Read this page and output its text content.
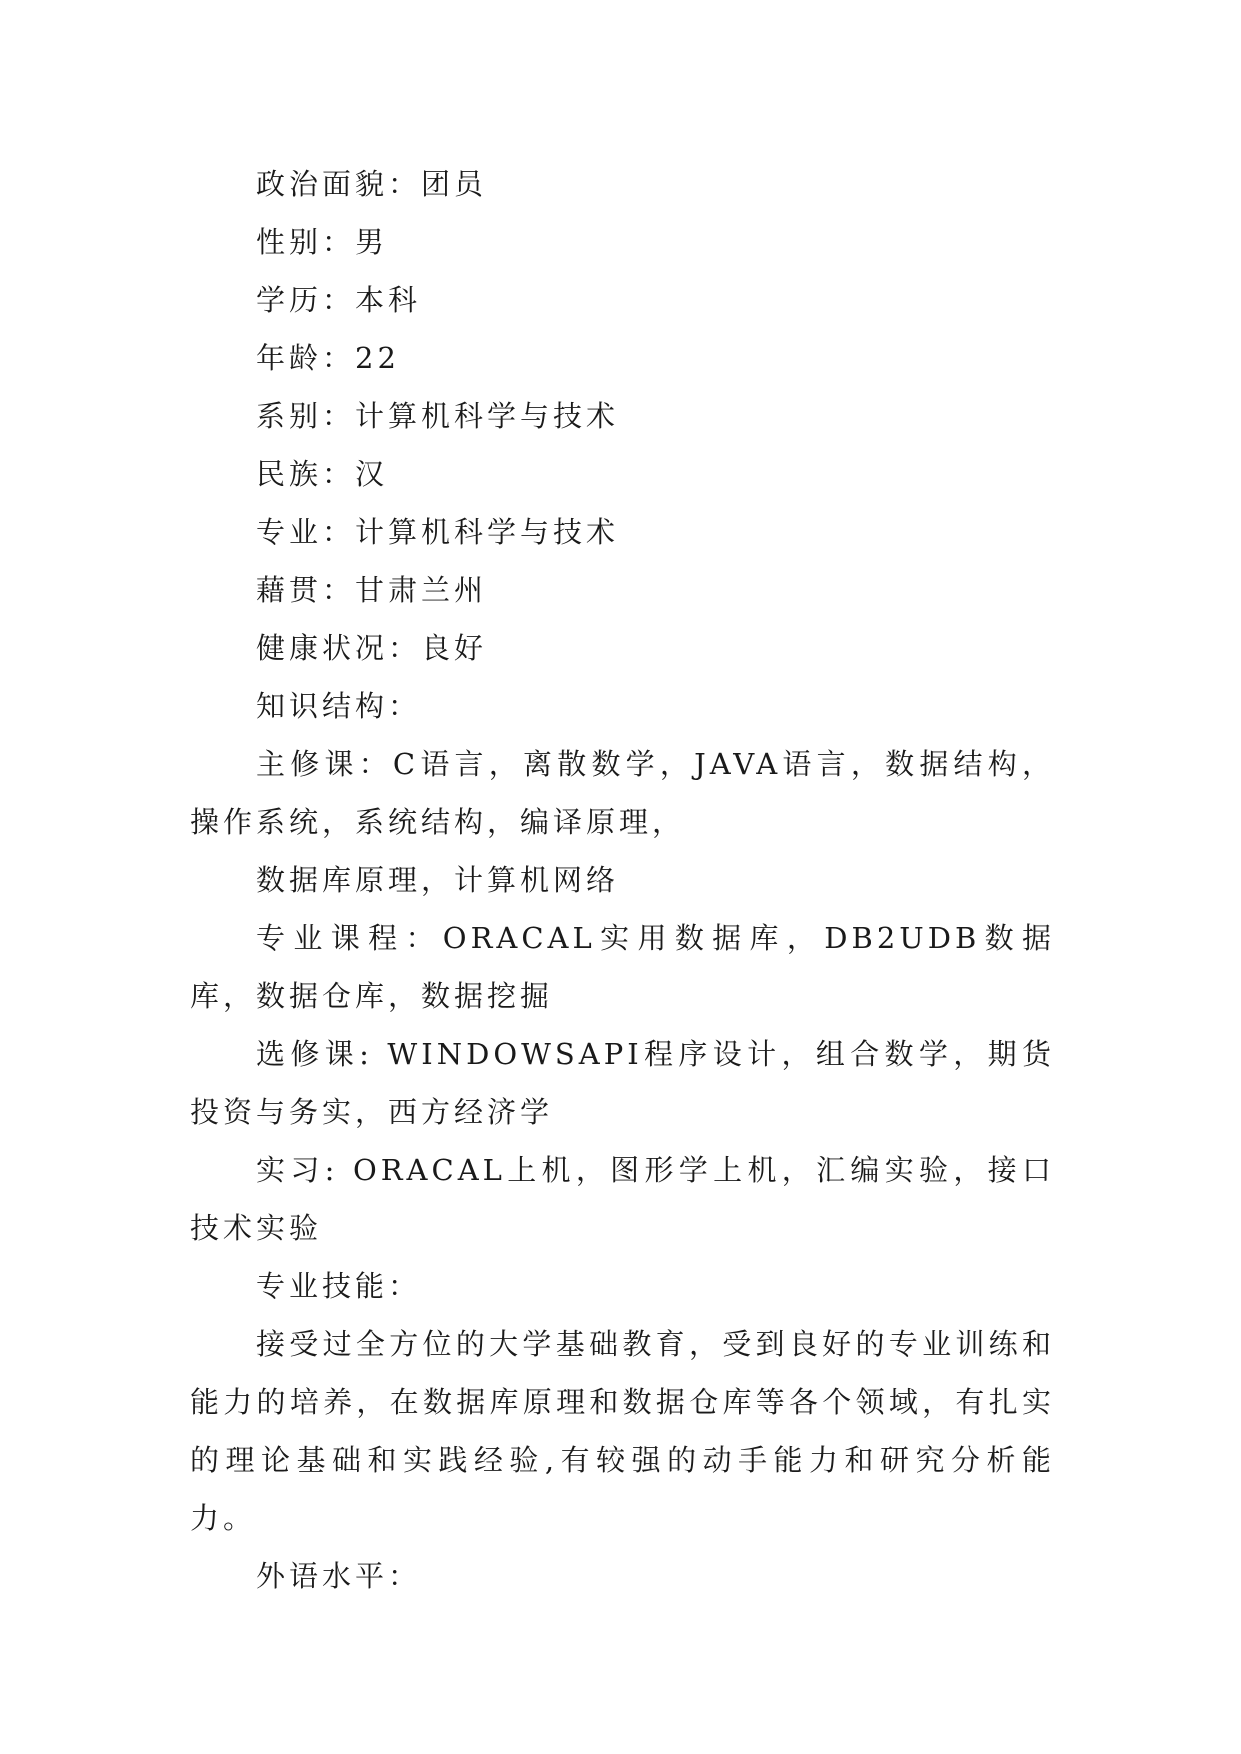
政治面貌：团员

性别：男

学历：本科

年龄：22

系别：计算机科学与技术

民族：汉

专业：计算机科学与技术

藉贯：甘肃兰州

健康状况：良好

知识结构：

主修课：C语言，离散数学，JAVA语言，数据结构，操作系统，系统结构，编译原理，

数据库原理，计算机网络

专业课程：ORACAL实用数据库，DB2UDB数据库，数据仓库，数据挖掘

选修课: WINDOWSAPI程序设计，组合数学，期货投资与务实，西方经济学

实习: ORACAL上机，图形学上机，汇编实验，接口技术实验

专业技能：

接受过全方位的大学基础教育，受到良好的专业训练和能力的培养，在数据库原理和数据仓库等各个领域，有扎实的理论基础和实践经验,有较强的动手能力和研究分析能力。

外语水平：
